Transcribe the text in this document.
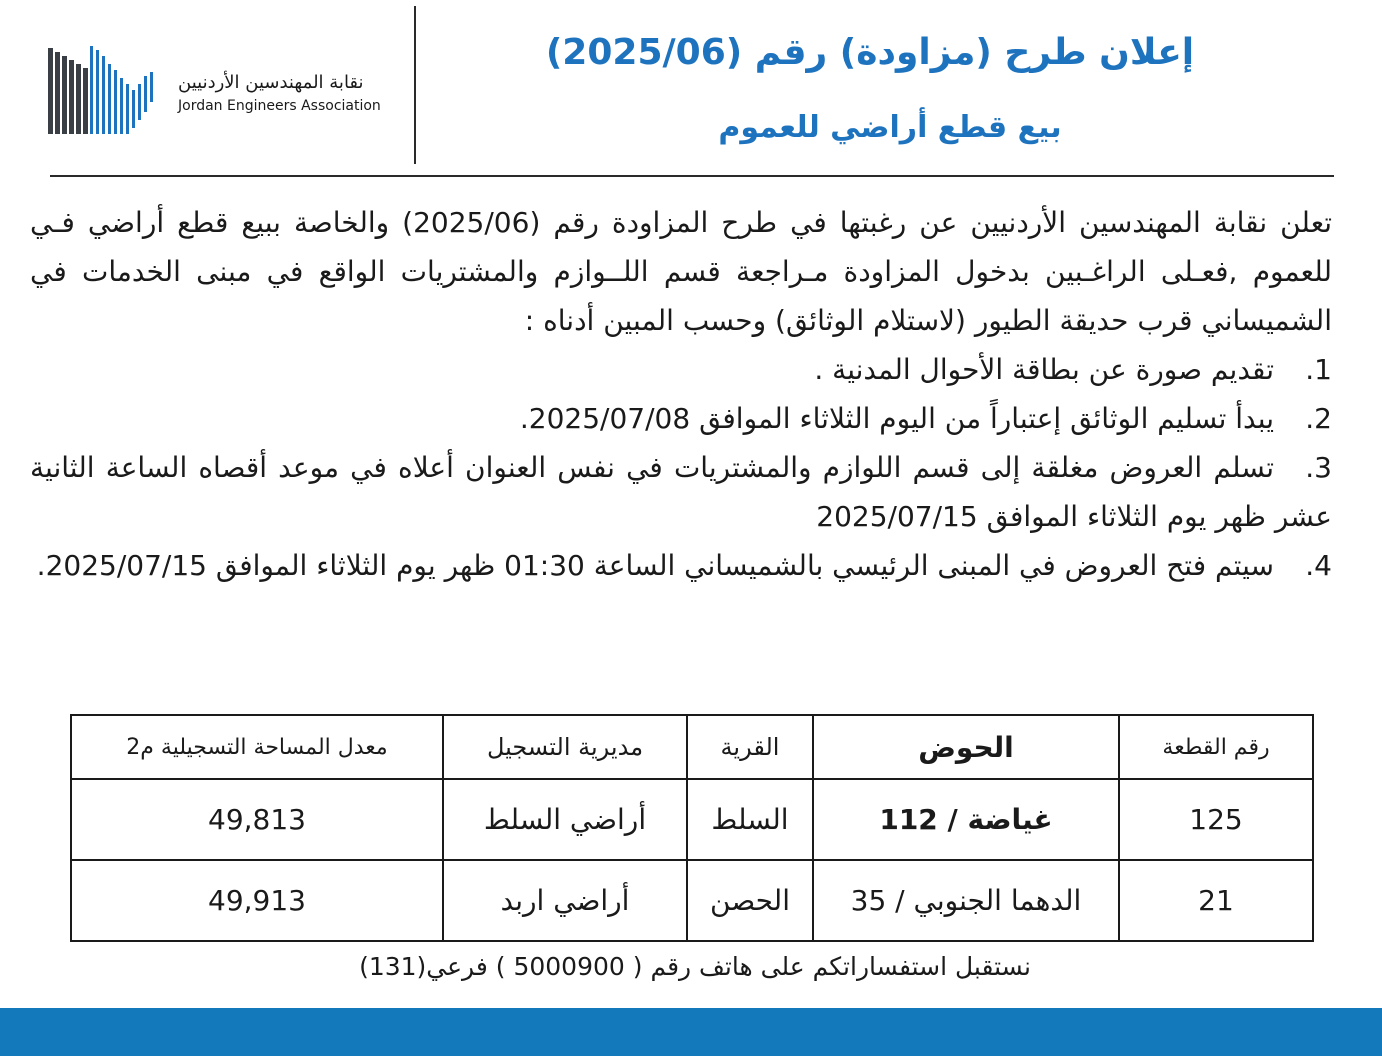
نقابة المهندسين الأردنيين
Jordan Engineers Association
إعلان طرح (مزاودة) رقم (2025/06)
بيع قطع أراضي للعموم

تعلن نقابة المهندسين الأردنيين عن رغبتها في طرح المزاودة رقم (2025/06) والخاصة ببيع قطع أراضي فـي للعموم ,فعـلى الراغـبين بدخول المزاودة مـراجعة قسم اللــوازم والمشتريات الواقع في مبنى الخدمات في الشميساني قرب حديقة الطيور (لاستلام الوثائق) وحسب المبين أدناه :

1.تقديم صورة عن بطاقة الأحوال المدنية .

2.يبدأ تسليم الوثائق إعتباراً من اليوم الثلاثاء الموافق 2025/07/08.

3.تسلم العروض مغلقة إلى قسم اللوازم والمشتريات في نفس العنوان أعلاه في موعد أقصاه الساعة الثانية عشر ظهر يوم الثلاثاء الموافق 2025/07/15

4.سيتم فتح العروض في المبنى الرئيسي بالشميساني الساعة 01:30 ظهر يوم الثلاثاء الموافق 2025/07/15.

رقم القطعة	الحوض	القرية	مديرية التسجيل	معدل المساحة التسجيلية م2
125	غياضة / 112	السلط	أراضي السلط	49,813
21	الدهما الجنوبي / 35	الحصن	أراضي اربد	49,913
نستقبل استفساراتكم على هاتف رقم ( 5000900 ) فرعي(131)
